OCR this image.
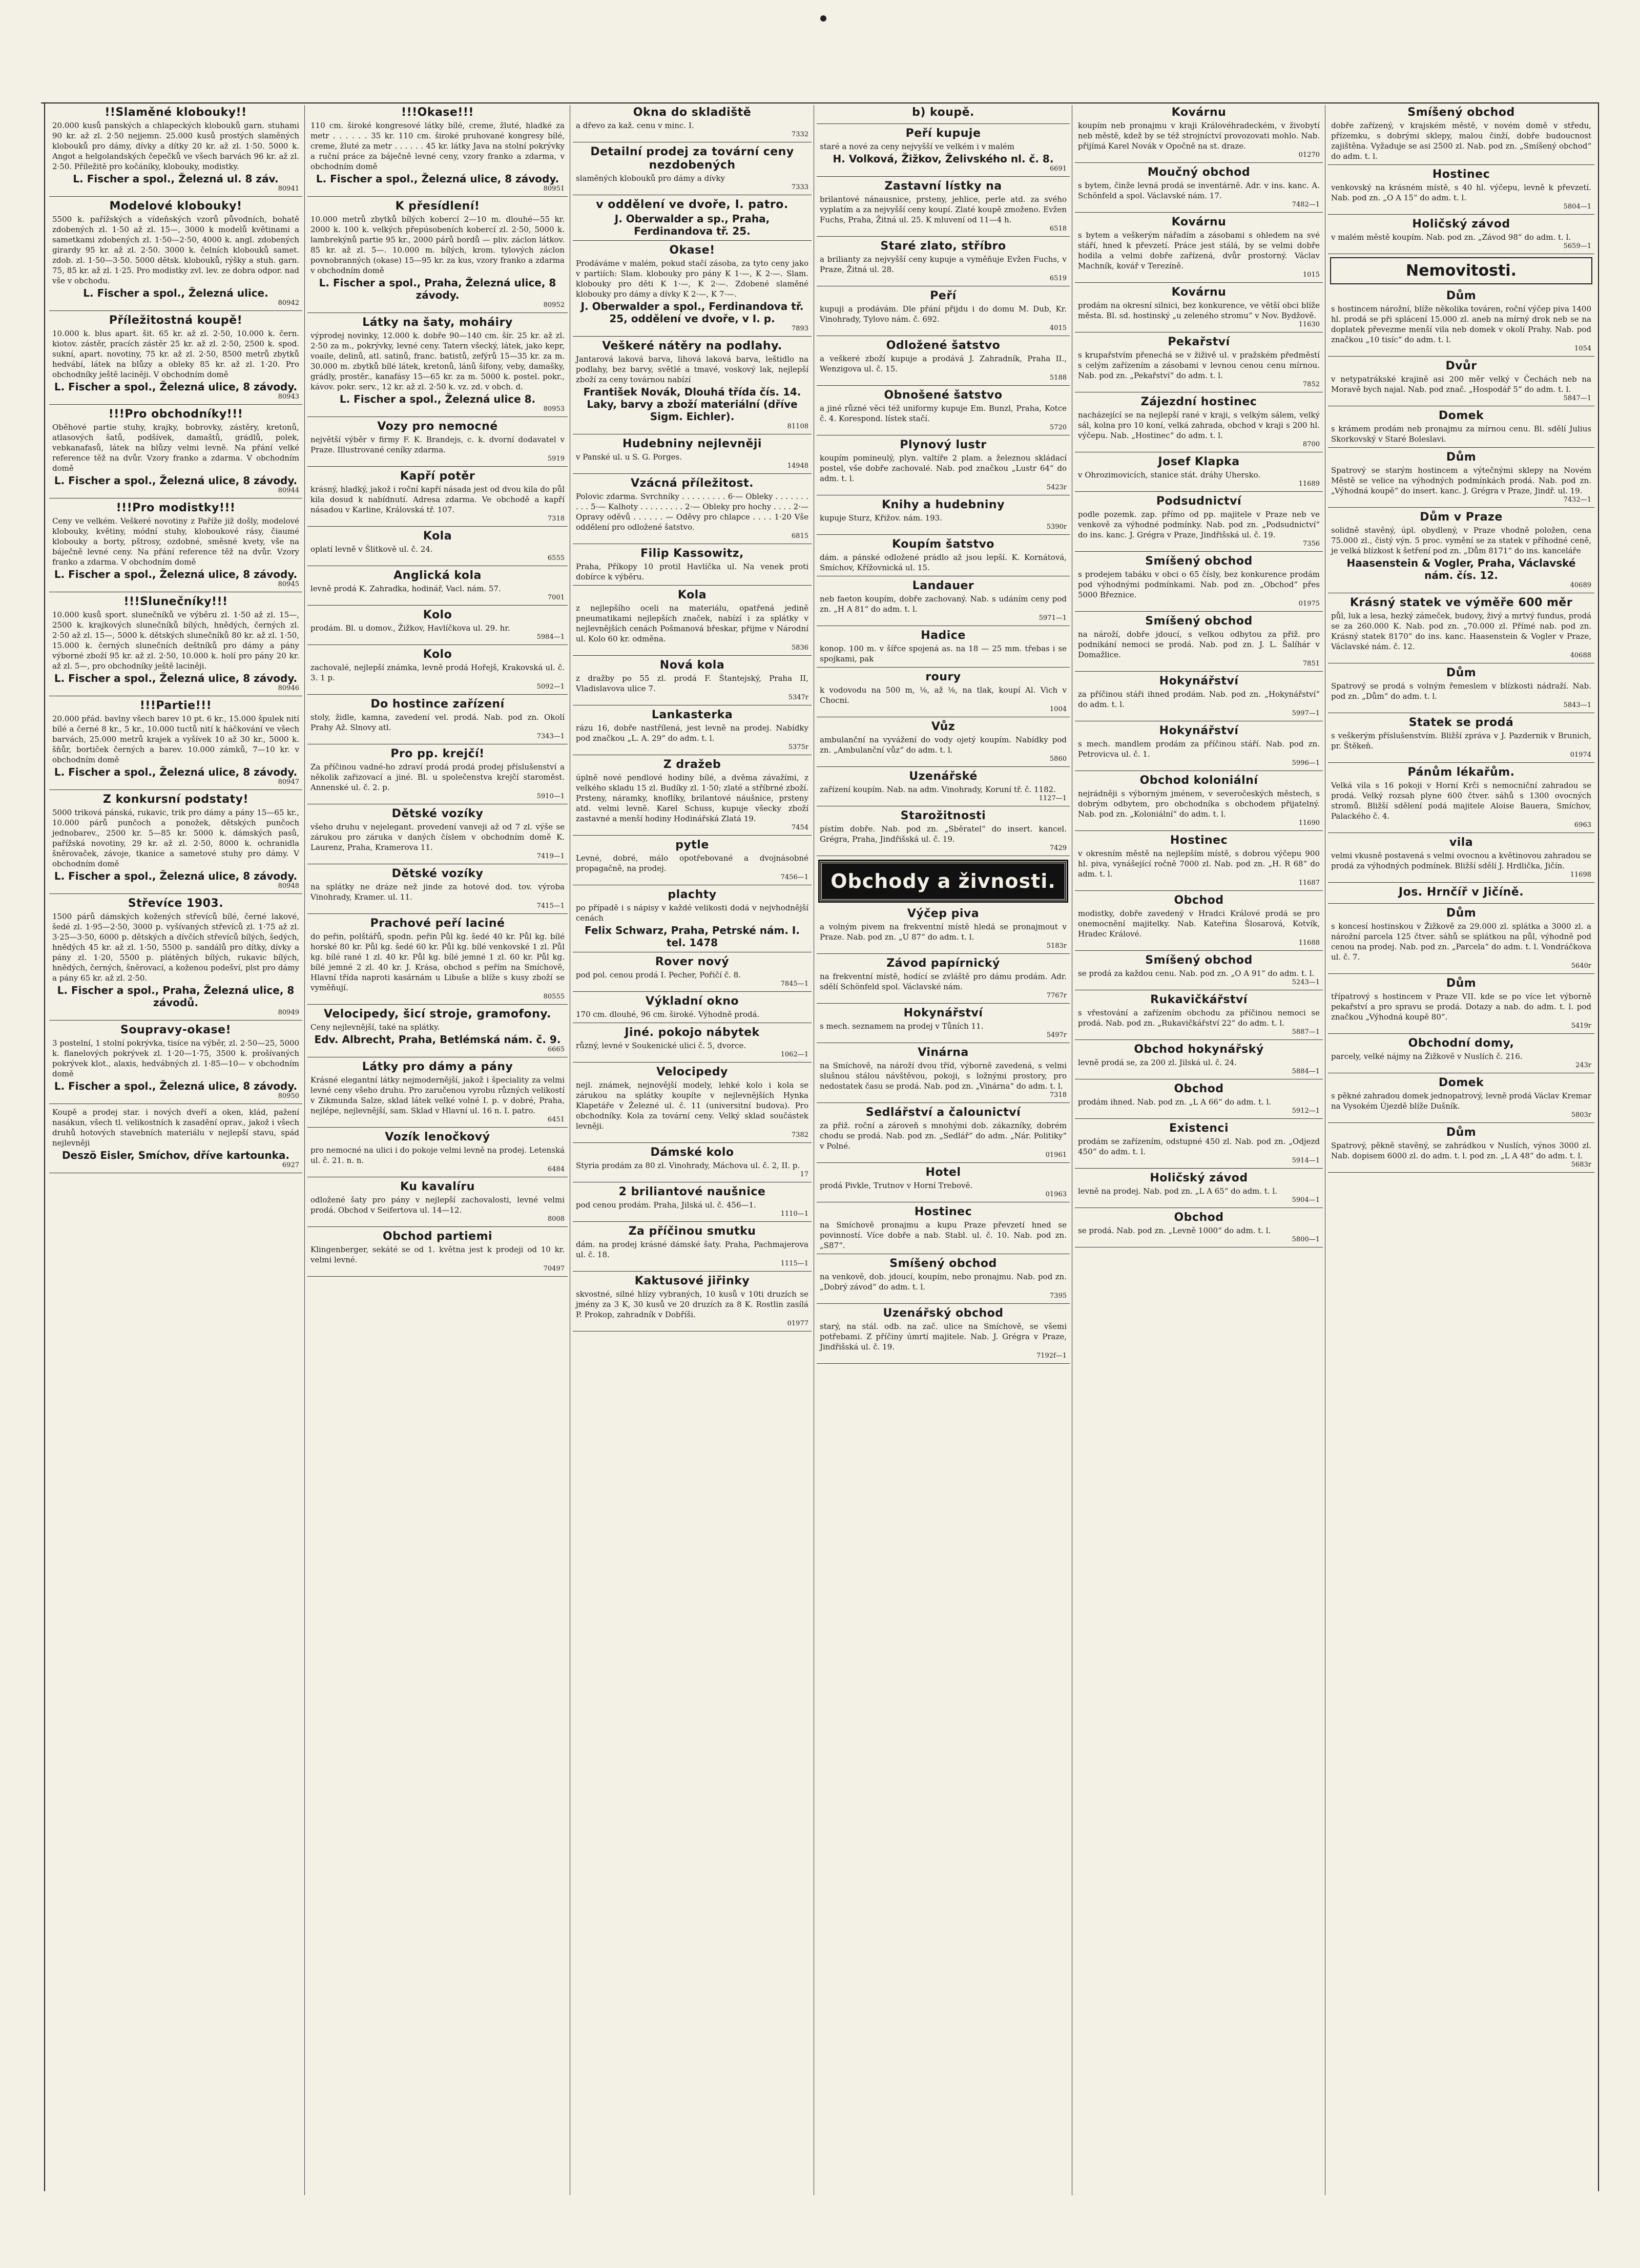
!!Slaměné klobouky!!

20.000 kusů panských a chlapeckých klobouků garn. stuhami 90 kr. až zl. 2·50 nejjemn. 25.000 kusů prostých slaměných klobouků pro dámy, dívky a dítky 20 kr. až zl. 1·50. 5000 k. Angot a helgolandských čepečků ve všech barvách 96 kr. až zl. 2·50. Příležitě pro kočáníky, klobouky, modistky.

L. Fischer a spol., Železná ul. 8 záv.
80941
Modelové klobouky!

5500 k. pařížských a vídeňských vzorů původních, bohatě zdobených zl. 1·50 až zl. 15—, 3000 k modelů květinami a sametkami zdobených zl. 1·50—2·50, 4000 k. angl. zdobených girardy 95 kr. až zl. 2·50. 3000 k. čelních klobouků samet. zdob. zl. 1·50—3·50. 5000 dětsk. klobouků, rýšky a stuh. garn. 75, 85 kr. až zl. 1·25. Pro modistky zvl. lev. ze dobra odpor. nad vše v obchodu.

L. Fischer a spol., Železná ulice.
80942
Příležitostná koupě!

10.000 k. blus apart. šit. 65 kr. až zl. 2·50, 10.000 k. čern. kiotov. zástěr, pracích zástěr 25 kr. až zl. 2·50, 2500 k. spod. sukní, apart. novotiny, 75 kr. až zl. 2·50, 8500 metrů zbytků hedvábí, látek na blůzy a obleky 85 kr. až zl. 1·20. Pro obchodníky ještě laciněji. V obchodním domě

L. Fischer a spol., Železná ulice, 8 závody.
80943
!!!Pro obchodníky!!!

Oběhové partie stuhy, krajky, bobrovky, zástěry, kretonů, atlasových šatů, podšívek, damaštů, grádlů, polek, vebkanafasů, látek na blůzy velmi levně. Na přání velké reference těž na dvůr. Vzory franko a zdarma. V obchodním domě

L. Fischer a spol., Železná ulice, 8 závody.
80944
!!!Pro modistky!!!

Ceny ve velkém. Veškeré novotiny z Paříže již došly, modelové klobouky, květiny, módní stuhy, kloboukové rásy, čiaumé klobouky a borty, pštrosy, ozdobné, směsné kvety, vše na báječně levné ceny. Na přání reference těž na dvůr. Vzory franko a zdarma. V obchodním domě

L. Fischer a spol., Železná ulice, 8 závody.
80945
!!!Slunečníky!!!

10.000 kusů sport. slunečníků ve výběru zl. 1·50 až zl. 15—, 2500 k. krajkových slunečníků bílých, hnědých, černých zl. 2·50 až zl. 15—, 5000 k. dětských slunečníků 80 kr. až zl. 1·50, 15.000 k. černých slunečních deštníků pro dámy a pány výborné zboží 95 kr. až zl. 2·50, 10.000 k. holí pro pány 20 kr. až zl. 5—, pro obchodníky ještě laciněji.

L. Fischer a spol., Železná ulice, 8 závody.
80946
!!!Partie!!!

20.000 přád. bavlny všech barev 10 pt. 6 kr., 15.000 špulek nití bílé a černé 8 kr., 5 kr., 10.000 tuctů nití k háčkování ve všech barvách, 25.000 metrů krajek a vyšívek 10 až 30 kr., 5000 k. šňůr, bortiček černých a barev. 10.000 zámků, 7—10 kr. v obchodním domě

L. Fischer a spol., Železná ulice, 8 závody.
80947
Z konkursní podstaty!

5000 triková pánská, rukavic, trik pro dámy a pány 15—65 kr., 10.000 párů punčoch a ponožek, dětských punčoch jednobarev., 2500 kr. 5—85 kr. 5000 k. dámských pasů, pařížská novotiny, 29 kr. až zl. 2·50, 8000 k. ochranidla šněrovaček, závoje, tkanice a sametové stuhy pro dámy. V obchodním domě

L. Fischer a spol., Železná ulice, 8 závody.
80948
Střevíce 1903.

1500 párů dámských kožených střevíců bílé, černé lakové, šedé zl. 1·95—2·50, 3000 p. vyšívaných střevíců zl. 1·75 až zl. 3·25—3·50, 6000 p. dětských a dívčích střevíců bílých, šedých, hnědých 45 kr. až zl. 1·50, 5500 p. sandálů pro dítky, dívky a pány zl. 1·20, 5500 p. plátěných bílých, rukavic bílých, hnědých, černých, šněrovací, a koženou podešví, plst pro dámy a pány 65 kr. až zl. 2·50.

L. Fischer a spol., Praha, Železná ulice, 8 závodů.
80949
Soupravy-okase!

3 postelní, 1 stolní pokrývka, tisíce na výběr, zl. 2·50—25, 5000 k. flanelových pokrývek zl. 1·20—1·75, 3500 k. prošívaných pokrývek klot., alaxis, hedvábných zl. 1·85—10— v obchodním domě

L. Fischer a spol., Železná ulice, 8 závody.
80950

Koupě a prodej star. i nových dveří a oken, klád, pažení nasákun, všech tl. velikostních k zasadění oprav., jakož i všech druhů hotových stavebních materiálu v nejlepší stavu, spád nejlevněji

Deszö Eisler, Smíchov, dříve kartounka.
6927
!!!Okase!!!

110 cm. široké kongresové látky bílé, creme, žluté, hladké za metr . . . . . . 35 kr. 110 cm. široké pruhované kongresy bílé, creme, žluté za metr . . . . . . 45 kr. látky Java na stolní pokrývky a ruční práce za báječně levné ceny, vzory franko a zdarma, v obchodním domě

L. Fischer a spol., Železná ulice, 8 závody.
80951
K přesídlení!

10.000 metrů zbytků bílých kobercí 2—10 m. dlouhé—55 kr. 2000 k. 100 k. velkých přepúsobeních kobercí zl. 2·50, 5000 k. lambrekýnů partie 95 kr., 2000 párů bordů — pliv. záclon látkov. 85 kr. až zl. 5—. 10.000 m. bílých, krom. tylových záclon povnobranných (okase) 15—95 kr. za kus, vzory franko a zdarma v obchodním domě

L. Fischer a spol., Praha, Železná ulice, 8 závody.
80952
Látky na šaty, moháiry

výprodej novinky, 12.000 k. dobře 90—140 cm. šír. 25 kr. až zl. 2·50 za m., pokrývky, levné ceny. Tatern všecký, látek, jako kepr, voaile, delinů, atl. satinů, franc. batistů, zefýrů 15—35 kr. za m. 30.000 m. zbytků bílé látek, kretonů, lánů šifony, veby, damašky, grádly, prostěr., kanafásy 15—65 kr. za m. 5000 k. postel. pokr., kávov. pokr. serv., 12 kr. až zl. 2·50 k. vz. zd. v obch. d.

L. Fischer a spol., Železná ulice 8.
80953
Vozy pro nemocné

největší výběr v firmy F. K. Brandejs, c. k. dvorní dodavatel v Praze. Illustrované ceníky zdarma.

5919
Kapří potěr

krásný, hladký, jakož i roční kapří násada jest od dvou kila do půl kila dosud k nabídnutí. Adresa zdarma. Ve obchodě a kapří násadou v Karline, Královská tř. 107.

7318
Kola

oplatí levně v Šlitkově ul. č. 24.

6555
Anglická kola

levně prodá K. Zahradka, hodinář, Vacl. nám. 57.

7001
Kolo

prodám. Bl. u domov., Žižkov, Havlíčkova ul. 29. hr.

5984—1
Kolo

zachovalé, nejlepší známka, levně prodá Hořejš, Krakovská ul. č. 3. 1 p.

5092—1
Do hostince zařízení

stoly, židle, kamna, zavedení vel. prodá. Nab. pod zn. Okolí Prahy Až. Slnovy atl.

7343—1
Pro pp. krejčí!

Za příčinou vadné-ho zdraví prodá prodá prodej příslušenství a několik zařizovací a jiné. Bl. u společenstva krejčí staroměst. Annenské ul. č. 2. p.

5910—1
Dětské vozíky

všeho druhu v nejelegant. provedení vanveji až od 7 zl. výše se zárukou pro záruka v daných číslem v obchodním domě K. Laurenz, Praha, Kramerova 11.

7419—1
Dětské vozíky

na splátky ne dráze než jinde za hotové dod. tov. výroba Vinohrady, Kramer. ul. 11.

7415—1
Prachové peří laciné

do peřin, polštářů, spodn. peřin Půl kg. šedé 40 kr. Půl kg. bílé horské 80 kr. Půl kg. šedé 60 kr. Půl kg. bílé venkovské 1 zl. Půl kg. bílé rané 1 zl. 40 kr. Půl kg. bílé jemné 1 zl. 60 kr. Půl kg. bílé jemné 2 zl. 40 kr. J. Krása, obchod s peřím na Smíchově, Hlavní třída naproti kasárnám u Libuše a blíže s kusy zboží se vyměňují.

80555
Velocipedy, šicí stroje, gramofony.

Ceny nejlevnější, také na splátky.

Edv. Albrecht, Praha, Betlémská nám. č. 9.
6665
Látky pro dámy a pány

Krásné elegantní látky nejmodernější, jakož i špeciality za velmi levné ceny všeho druhu. Pro zaručenou vyrobu různých velikostí v Zikmunda Salze, sklad látek velké volné I. p. v dobré, Praha, nejlépe, nejlevnější, sam. Sklad v Hlavní ul. 16 n. I. patro.

6451
Vozík lenočkový

pro nemocné na ulici i do pokoje velmi levně na prodej. Letenská ul. č. 21. n. n.

6484
Ku kavalíru

odložené šaty pro pány v nejlepší zachovalosti, levné velmi prodá. Obchod v Seifertova ul. 14—12.

8008
Obchod partiemi

Klingenberger, sekáté se od 1. května jest k prodeji od 10 kr. velmi levné.

70497
Okna do skladiště

a dřevo za kaž. cenu v minc. I.

7332
Detailní prodej za tovární ceny nezdobených

slaměných klobouků pro dámy a dívky

7333
v oddělení ve dvoře, I. patro.
J. Oberwalder a sp., Praha, Ferdinandova tř. 25.
Okase!

Prodáváme v malém, pokud stačí zásoba, za tyto ceny jako v partiích: Slam. klobouky pro pány K 1·—, K 2·—. Slam. klobouky pro děti K 1·—, K 2·—. Zdobené slaměné klobouky pro dámy a dívky K 2·—, K 7·—.

J. Oberwalder a spol., Ferdinandova tř. 25, oddělení ve dvoře, v I. p.
7893
Veškeré nátěry na podlahy.

Jantarová laková barva, lihová laková barva, leštidlo na podlahy, bez barvy, světlé a tmavé, voskový lak, nejlepší zboží za ceny továrnou nabízí

František Novák, Dlouhá třída čís. 14. Laky, barvy a zboží materiální (dříve Sigm. Eichler).
81108
Hudebniny nejlevněji

v Panské ul. u S. G. Porges.

14948
Vzácná příležitost.

Polovic zdarma. Svrchníky . . . . . . . . . 6·— Obleky . . . . . . . . . . 5·— Kalhoty . . . . . . . . . 2·— Obleky pro hochy . . . . 2·— Opravy oděvů . . . . . . — Oděvy pro chlapce . . . . 1·20 Vše oddělení pro odložené šatstvo.

6815
Filip Kassowitz,

Praha, Příkopy 10 protil Havlíčka ul. Na venek proti dobírce k výběru.

Kola

z nejlepšího oceli na materiálu, opatřená jedině pneumatikami nejlepších značek, nabízí i za splátky v nejlevnějších cenách Pošmanová břeskar, přijme v Národní ul. Kolo 60 kr. odměna.

5836
Nová kola

z dražby po 55 zl. prodá F. Štantejský, Praha II, Vladislavova ulice 7.

5347r
Lankasterka

rázu 16, dobře nastřílená, jest levně na prodej. Nabídky pod značkou „L. A. 29“ do adm. t. l.

5375r
Z dražeb

úplně nové pendlové hodiny bílé, a dvěma závažími, z velkého skladu 15 zl. Budíky zl. 1·50; zlaté a stříbrné zboží. Prsteny, náramky, knoflíky, brilantové náušnice, prsteny atd. velmi levně. Karel Schuss, kupuje všecky zboží zastavné a menší hodiny Hodinářská Zlatá 19.

7454
pytle

Levné, dobré, málo opotřebované a dvojnásobné propagačně, na prodej.

7456—1
plachty

po případě i s nápisy v každé velikosti dodá v nejvhodnější cenách

Felix Schwarz, Praha, Petrské nám. I. tel. 1478
Rover nový

pod pol. cenou prodá I. Pecher, Pořičí č. 8.

7845—1
Výkladní okno

170 cm. dlouhé, 96 cm. široké. Výhodně prodá.

Jiné. pokojo nábytek

různý, levné v Soukenické ulici č. 5, dvorce.

1062—1
Velocipedy

nejl. známek, nejnovější modely, lehké kolo i kola se zárukou na splátky koupíte v nejlevnějších Hynka Klapetáře v Železné ul. č. 11 (universitní budova). Pro obchodníky. Kola za tovární ceny. Velký sklad součástek levněji.

7382
Dámské kolo

Styria prodám za 80 zl. Vinohrady, Máchova ul. č. 2, II. p.

17
2 briliantové naušnice

pod cenou prodám. Praha, Jilská ul. č. 456—1.

1110—1
Za příčinou smutku

dám. na prodej krásné dámské šaty. Praha, Pachmajerova ul. č. 18.

1115—1
Kaktusové jiřinky

skvostné, silné hlízy vybraných, 10 kusů v 10ti druzích se jmény za 3 K, 30 kusů ve 20 druzích za 8 K. Rostlin zasílá P. Prokop, zahradník v Dobříši.

01977
b) koupě.
Peří kupuje

staré a nové za ceny nejvyšší ve velkém i v malém

H. Volková, Žižkov, Želivského nl. č. 8.
6691
Zastavní lístky na

brilantové nánausnice, prsteny, jehlice, perle atd. za svého vyplatím a za nejvyšší ceny koupí. Zlaté koupě zmoženo. Evžen Fuchs, Praha, Žitná ul. 25. K mluvení od 11—4 h.

6518
Staré zlato, stříbro

a brilianty za nejvyšší ceny kupuje a vyměňuje Evžen Fuchs, v Praze, Žitná ul. 28.

6519
Peří

kupuji a prodávám. Dle přání přijdu i do domu M. Dub, Kr. Vinohrady, Tylovo nám. č. 692.

4015
Odložené šatstvo

a veškeré zboží kupuje a prodává J. Zahradník, Praha II., Wenzigova ul. č. 15.

5188
Obnošené šatstvo

a jiné různé věci též uniformy kupuje Em. Bunzl, Praha, Kotce č. 4. Korespond. lístek stačí.

5720
Plynový lustr

koupím pomineulý, plyn. valtíře 2 plam. a železnou skládací postel, vše dobře zachovalé. Nab. pod značkou „Lustr 64“ do adm. t. l.

5423r
Knihy a hudebniny

kupuje Sturz, Křižov. nám. 193.

5390r
Koupím šatstvo

dám. a pánské odložené prádlo až jsou lepší. K. Kornátová, Smíchov, Křížovnická ul. 15.

Landauer

neb faeton koupím, dobře zachovaný. Nab. s udáním ceny pod zn. „H A 81“ do adm. t. l.

5971—1
Hadice

konop. 100 m. v šířce spojená as. na 18 — 25 mm. třebas i se spojkami, pak

roury

k vodovodu na 500 m, ⅛, až ⅛, na tlak, koupí Al. Vich v Chocni.

1004
Vůz

ambulanční na vyvážení do vody ojetý koupím. Nabídky pod zn. „Ambulanční vůz“ do adm. t. l.

5860
Uzenářské

zařízení koupím. Nab. na adm. Vinohrady, Koruní tř. č. 1182.

1127—1
Starožitnosti

pístím dobře. Nab. pod zn. „Sběratel“ do insert. kancel. Grégra, Praha, Jindřišská ul. č. 19.

7429
Obchody a živnosti.
Výčep piva

a volným pivem na frekventní místě hledá se pronajmout v Praze. Nab. pod zn. „U 87“ do adm. t. l.

5183r
Závod papírnický

na frekventní místě, hodící se zvláště pro dámu prodám. Adr. sdělí Schönfeld spol. Václavské nám.

7767r
Hokynářství

s mech. seznamem na prodej v Tůních 11.

5497r
Vinárna

na Smíchově, na nároží dvou tříd, výborně zavedená, s velmi slušnou stálou návštěvou, pokoji, s ložnými prostory, pro nedostatek času se prodá. Nab. pod zn. „Vinárna“ do adm. t. l.

7318
Sedlářství a čalounictví

za přiž. roční a zároveň s mnohými dob. zákazníky, dobrém chodu se prodá. Nab. pod zn. „Sedlář“ do adm. „Nár. Politiky“ v Polné.

01961
Hotel

prodá Pivkle, Trutnov v Horní Trebově.

01963
Hostinec

na Smíchově pronajmu a kupu Praze převzetí hned se povinností. Více dobře a nab. Stabl. ul. č. 10. Nab. pod zn. „S87“.

Smíšený obchod

na venkově, dob. jdoucí, koupím, nebo pronajmu. Nab. pod zn. „Dobrý závod“ do adm. t. l.

7395
Uzenářský obchod

starý, na stál. odb. na zač. ulice na Smíchově, se všemi potřebami. Z příčiny úmrtí majitele. Nab. J. Grégra v Praze, Jindřišská ul. č. 19.

7192f—1
Kovárnu

koupím neb pronajmu v kraji Královéhradeckém, v živobytí neb městě, kdež by se též strojníctví provozovati mohlo. Nab. přijímá Karel Novák v Opočně na st. draze.

01270
Moučný obchod

s bytem, činže levná prodá se inventárně. Adr. v ins. kanc. A. Schönfeld a spol. Václavské nám. 17.

7482—1
Kovárnu

s bytem a veškerým nářadím a zásobami s ohledem na své stáří, hned k převzetí. Práce jest stálá, by se velmi dobře hodila a velmi dobře zařízená, dvůr prostorný. Václav Machník, kovář v Terezíně.

1015
Kovárnu

prodám na okresní silnici, bez konkurence, ve větší obci blíže města. Bl. sd. hostinský „u zeleného stromu“ v Nov. Bydžově.

11630
Pekařství

s krupařstvím přenechá se v žiživě ul. v pražském předměstí s celým zařízením a zásobami v levnou cenou cenu mírnou. Nab. pod zn. „Pekařství“ do adm. t. l.

7852
Zájezdní hostinec

nacházející se na nejlepší rané v kraji, s velkým sálem, velký sál, kolna pro 10 koní, velká zahrada, obchod v kraji s 200 hl. výčepu. Nab. „Hostinec“ do adm. t. l.

8700
Josef Klapka

v Ohrozimovicích, stanice stát. dráhy Uhersko.

11689
Podsudnictví

podle pozemk. zap. přímo od pp. majitele v Praze neb ve venkově za výhodné podmínky. Nab. pod zn. „Podsudnictví“ do ins. kanc. J. Grégra v Praze, Jindřišská ul. č. 19.

7356
Smíšený obchod

s prodejem tabáku v obci o 65 čísly, bez konkurence prodám pod výhodnými podmínkami. Nab. pod zn. „Obchod“ přes 5000 Březnice.

01975
Smíšený obchod

na nároží, dobře jdoucí, s velkou odbytou za přiž. pro podnikání nemoci se prodá. Nab. pod zn. J. L. Šalíhár v Domažlice.

7851
Hokynářství

za příčinou stáři ihned prodám. Nab. pod zn. „Hokynářství“ do adm. t. l.

5997—1
Hokynářství

s mech. mandlem prodám za příčinou stáří. Nab. pod zn. Petrovicva ul. č. 1.

5996—1
Obchod koloniální

nejrádněji s výborným jménem, v severočeských městech, s dobrým odbytem, pro obchodníka s obchodem přijatelný. Nab. pod zn. „Koloniální“ do adm. t. l.

11690
Hostinec

v okresním městě na nejlepším místě, s dobrou výčepu 900 hl. piva, vynášející ročně 7000 zl. Nab. pod zn. „H. R 68“ do adm. t. l.

11687
Obchod

modistky, dobře zavedený v Hradci Králové prodá se pro onemocnění majitelky. Nab. Kateřina Šlosarová, Kotvík, Hradec Králové.

11688
Smíšený obchod

se prodá za každou cenu. Nab. pod zn. „O A 91“ do adm. t. l.

5243—1
Rukavičkářství

s vřestování a zařízením obchodu za příčinou nemoci se prodá. Nab. pod zn. „Rukavičkářství 22“ do adm. t. l.

5887—1
Obchod hokynářský

levně prodá se, za 200 zl. Jilská ul. č. 24.

5884—1
Obchod

prodám ihned. Nab. pod zn. „L A 66“ do adm. t. l.

5912—1
Existenci

prodám se zařízením, odstupné 450 zl. Nab. pod zn. „Odjezd 450“ do adm. t. l.

5914—1
Holičský závod

levně na prodej. Nab. pod zn. „L A 65“ do adm. t. l.

5904—1
Obchod

se prodá. Nab. pod zn. „Levně 1000“ do adm. t. l.

5800—1
Smíšený obchod

dobře zařízený, v krajském městě, v novém domě v středu, přízemku, s dobrými sklepy, malou činží, dobře budoucnost zajištěna. Vyžaduje se asi 2500 zl. Nab. pod zn. „Smíšený obchod“ do adm. t. l.

Hostinec

venkovský na krásném místě, s 40 hl. výčepu, levně k převzetí. Nab. pod zn. „O A 15“ do adm. t. l.

5804—1
Holičský závod

v malém městě koupím. Nab. pod zn. „Závod 98“ do adm. t. l.

5659—1
Nemovitosti.
Dům

s hostincem nárožní, blíže několika továren, roční výčep piva 1400 hl. prodá se při splácení 15.000 zl. aneb na mírný drok neb se na doplatek převezme menší vila neb domek v okolí Prahy. Nab. pod značkou „10 tisíc“ do adm. t. l.

1054
Dvůr

v netypatrákské krajině asi 200 měr velký v Čechách neb na Moravě bych najal. Nab. pod znač. „Hospodář 5“ do adm. t. l.

5847—1
Domek

s krámem prodám neb pronajmu za mírnou cenu. Bl. sdělí Julius Skorkovský v Staré Boleslavi.

Dům

Spatrový se starým hostincem a výtečnými sklepy na Novém Městě se velice na výhodných podmínkách prodá. Nab. pod zn. „Výhodná koupě“ do insert. kanc. J. Grégra v Praze, Jindř. ul. 19.

7432—1
Dům v Praze

solidně stavěný, úpl. obydlený, v Praze vhodně položen, cena 75.000 zl., čistý výn. 5 proc. vymění se za statek v příhodné ceně, je velká blízkost k šetření pod zn. „Dům 8171“ do ins. kanceláře

Haasenstein & Vogler, Praha, Václavské nám. čís. 12.
40689
Krásný statek ve výměře 600 měr

půl, luk a lesa, hezký zámeček, budovy, živý a mrtvý fundus, prodá se za 260.000 K. Nab. pod zn. „70.000 zl. Přímé nab. pod zn. Krásný statek 8170“ do ins. kanc. Haasenstein & Vogler v Praze, Václavské nám. č. 12.

40688
Dům

Spatrový se prodá s volným řemeslem v blízkosti nádraží. Nab. pod zn. „Dům“ do adm. t. l.

5843—1
Statek se prodá

s veškerým příslušenstvím. Bližší zpráva v J. Pazdernik v Brunich, pr. Štěkeň.

01974
Pánům lékařům.

Velká vila s 16 pokoji v Horní Krči s nemocniční zahradou se prodá. Velký rozsah plyne 600 čtver. sáhů s 1300 ovocných stromů. Bližší sdělení podá majitele Aloise Bauera, Smíchov, Palackého č. 4.

6963
vila

velmi vkusně postavená s velmi ovocnou a květinovou zahradou se prodá za výhodných podmínek. Bližší sdělí J. Hrdlička, Jičín.

11698
Jos. Hrnčíř v Jičíně.
Dům

s koncesí hostinskou v Žižkově za 29.000 zl. splátka a 3000 zl. a nárožní parcela 125 čtver. sáhů se splátkou na půl, výhodně pod cenou na prodej. Nab. pod zn. „Parcela“ do adm. t. l. Vondráčkova ul. č. 7.

5640r
Dům

třípatrový s hostincem v Praze VII. kde se po více let výborně pekařství a pro spravu se prodá. Dotazy a nab. do adm. t. l. pod značkou „Výhodná koupě 80“.

5419r
Obchodní domy,

parcely, velké nájmy na Žižkově v Nuslích č. 216.

243r
Domek

s pěkné zahradou domek jednopatrový, levně prodá Václav Kremar na Vysokém Újezdě blíže Dušník.

5803r
Dům

Spatrový, pěkně stavěný, se zahrádkou v Nuslích, výnos 3000 zl. Nab. dopisem 6000 zl. do adm. t. l. pod zn. „L A 48“ do adm. t. l.

5683r
